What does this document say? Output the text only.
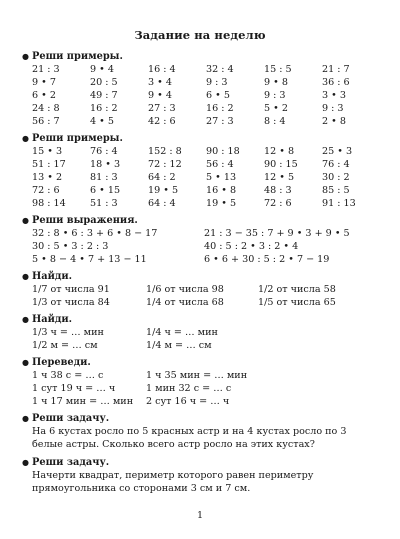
Задание на неделю
● Реши примеры.
21 : 3	9 • 4	16 : 4	32 : 4	15 : 5	21 : 7
9 • 7	20 : 5	3 • 4	9 : 3	9 • 8	36 : 6
6 • 2	49 : 7	9 • 4	6 • 5	9 : 3	3 • 3
24 : 8	16 : 2	27 : 3	16 : 2	5 • 2	9 : 3
56 : 7	4 • 5	42 : 6	27 : 3	8 : 4	2 • 8
● Реши примеры.
15 • 3	76 : 4	152 : 8	90 : 18	12 • 8	25 • 3
51 : 17	18 • 3	72 : 12	56 : 4	90 : 15	76 : 4
13 • 2	81 : 3	64 : 2	5 • 13	12 • 5	30 : 2
72 : 6	6 • 15	19 • 5	16 • 8	48 : 3	85 : 5
98 : 14	51 : 3	64 : 4	19 • 5	72 : 6	91 : 13
● Реши выражения.
32 : 8 • 6 : 3 + 6 • 8 − 17	21 : 3 − 35 : 7 + 9 • 3 + 9 • 5
30 : 5 • 3 : 2 : 3	40 : 5 : 2 • 3 : 2 • 4
5 • 8 − 4 • 7 + 13 − 11	6 • 6 + 30 : 5 : 2 • 7 − 19
● Найди.
1/7 от числа 91	1/6 от числа 98	1/2 от числа 58
1/3 от числа 84	1/4 от числа 68	1/5 от числа 65
● Найди.
1/3 ч = … мин	1/4 ч = … мин
1/2 м = … см	1/4 м = … см
● Переведи.
1 ч 38 с = … с	1 ч 35 мин = … мин
1 сут 19 ч = … ч	1 мин 32 с = … с
1 ч 17 мин = … мин 2 сут 16 ч = … ч
● Реши задачу.
На 6 кустах росло по 5 красных астр и на 4 кустах росло по 3 белые астры. Сколько всего астр росло на этих кустах?
● Реши задачу.
Начерти квадрат, периметр которого равен периметру прямоугольника со сторонами 3 см и 7 см.
1
